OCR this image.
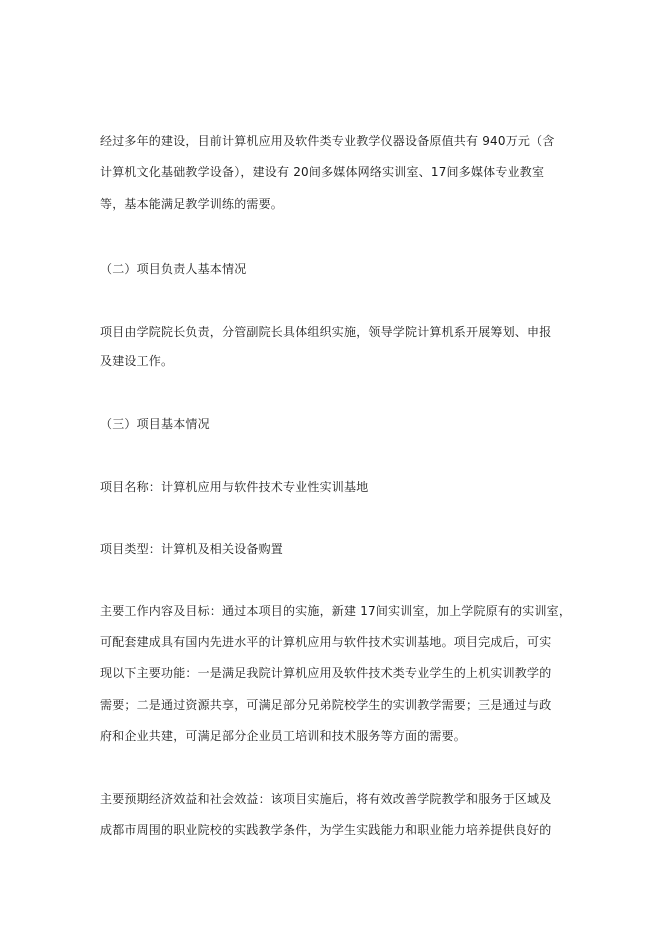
经过多年的建设，目前计算机应用及软件类专业教学仪器设备原值共有 940万元（含
计算机文化基础教学设备），建设有 20间多媒体网络实训室、17间多媒体专业教室
等，基本能满足教学训练的需要。
（二）项目负责人基本情况
项目由学院院长负责，分管副院长具体组织实施，领导学院计算机系开展筹划、申报
及建设工作。
（三）项目基本情况
项目名称：计算机应用与软件技术专业性实训基地
项目类型：计算机及相关设备购置
主要工作内容及目标：通过本项目的实施，新建 17间实训室，加上学院原有的实训室，
可配套建成具有国内先进水平的计算机应用与软件技术实训基地。项目完成后，可实
现以下主要功能：一是满足我院计算机应用及软件技术类专业学生的上机实训教学的
需要；二是通过资源共享，可满足部分兄弟院校学生的实训教学需要；三是通过与政
府和企业共建，可满足部分企业员工培训和技术服务等方面的需要。
主要预期经济效益和社会效益：该项目实施后，将有效改善学院教学和服务于区域及
成都市周围的职业院校的实践教学条件，为学生实践能力和职业能力培养提供良好的
